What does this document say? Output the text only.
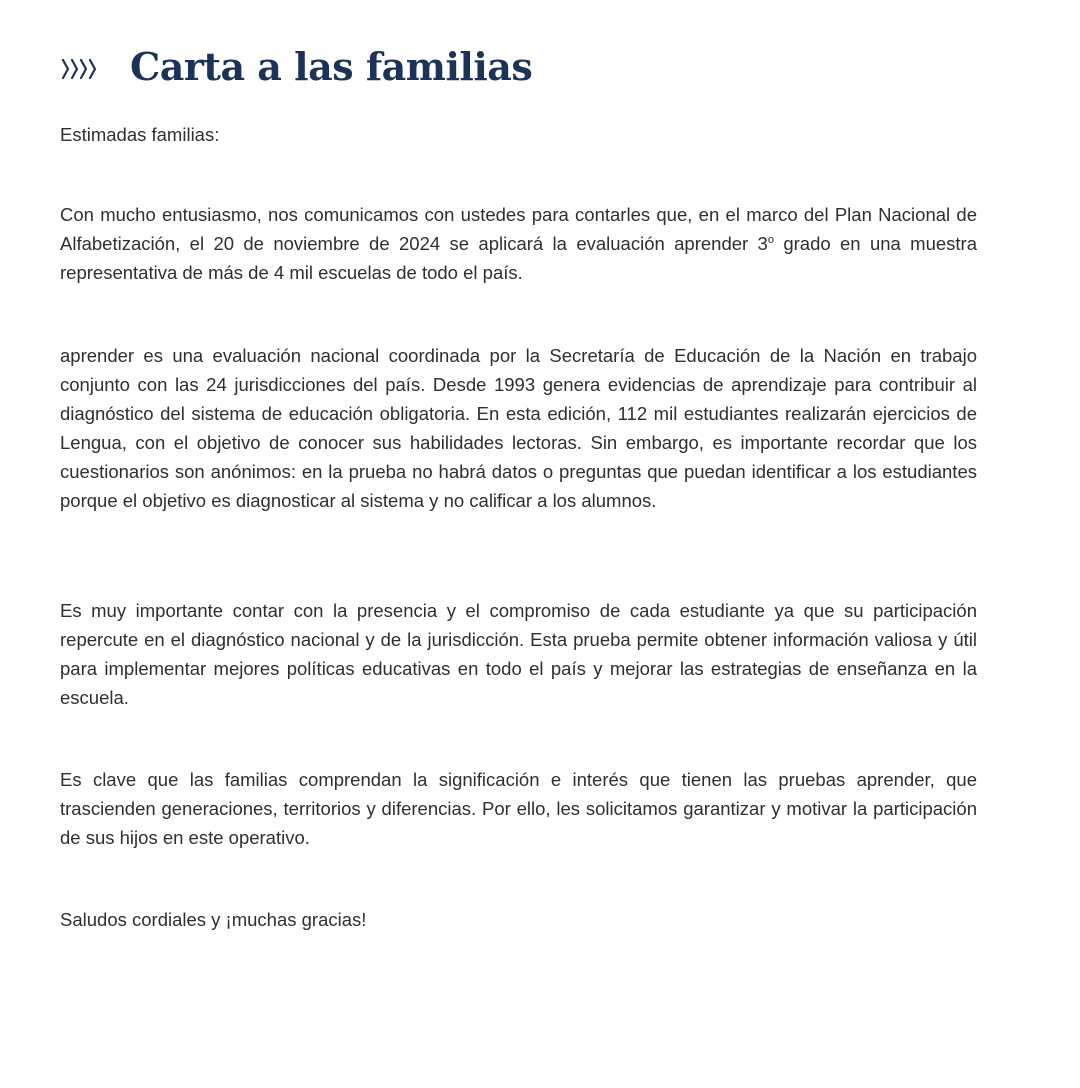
Carta a las familias

Estimadas familias:

Con mucho entusiasmo, nos comunicamos con ustedes para contarles que, en el marco del Plan Nacional de Alfabetización, el 20 de noviembre de 2024 se aplicará la evaluación aprender 3$^o$ grado en una muestra representativa de más de 4 mil escuelas de todo el país.

aprender es una evaluación nacional coordinada por la Secretaría de Educación de la Nación en trabajo conjunto con las 24 jurisdicciones del país. Desde 1993 genera evidencias de aprendizaje para contribuir al diagnóstico del sistema de educación obligatoria. En esta edición, 112 mil estudiantes realizarán ejercicios de Lengua, con el objetivo de conocer sus habilidades lectoras. Sin embargo, es importante recordar que los cuestionarios son anónimos: en la prueba no habrá datos o preguntas que puedan identificar a los estudiantes porque el objetivo es diagnosticar al sistema y no calificar a los alumnos.

Es muy importante contar con la presencia y el compromiso de cada estudiante ya que su participación repercute en el diagnóstico nacional y de la jurisdicción. Esta prueba permite obtener información valiosa y útil para implementar mejores políticas educativas en todo el país y mejorar las estrategias de enseñanza en la escuela.

Es clave que las familias comprendan la significación e interés que tienen las pruebas aprender, que trascienden generaciones, territorios y diferencias. Por ello, les solicitamos garantizar y motivar la participación de sus hijos en este operativo.

Saludos cordiales y ¡muchas gracias!
